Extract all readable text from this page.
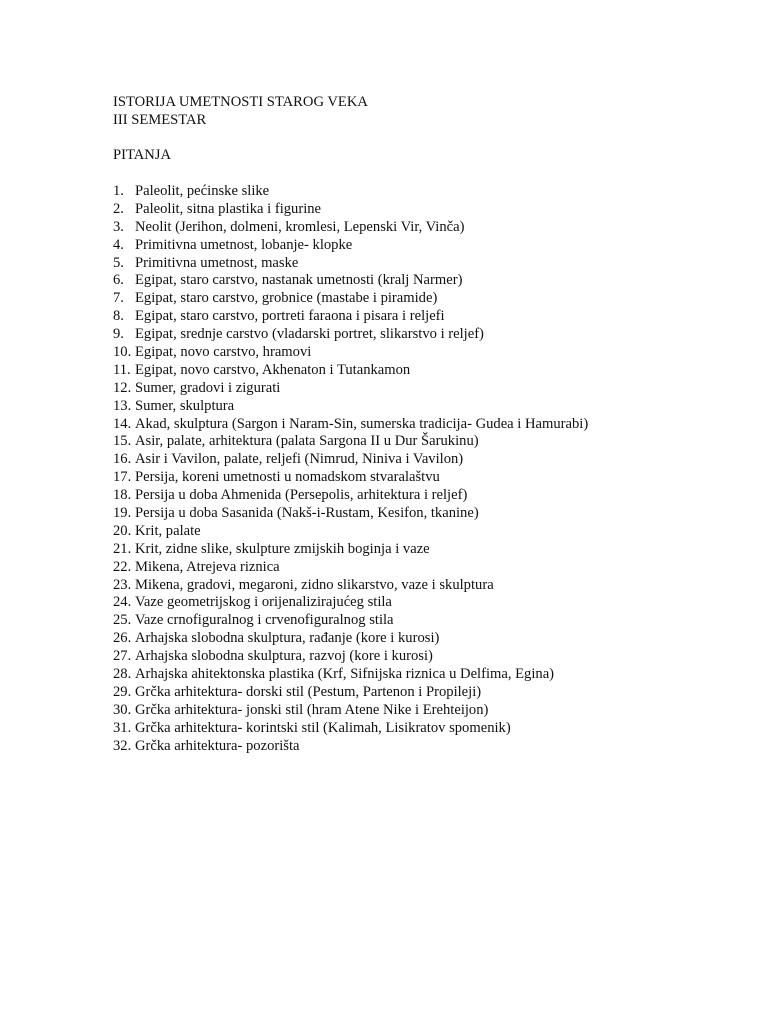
ISTORIJA UMETNOSTI STAROG VEKA
III SEMESTAR
PITANJA
1. Paleolit, pećinske slike
2. Paleolit, sitna plastika i figurine
3. Neolit (Jerihon, dolmeni, kromlesi, Lepenski Vir, Vinča)
4. Primitivna umetnost, lobanje- klopke
5. Primitivna umetnost, maske
6. Egipat, staro carstvo, nastanak umetnosti (kralj Narmer)
7. Egipat, staro carstvo, grobnice (mastabe i piramide)
8. Egipat, staro carstvo, portreti faraona i pisara i reljefi
9. Egipat, srednje carstvo (vladarski portret, slikarstvo i reljef)
10. Egipat, novo carstvo, hramovi
11. Egipat, novo carstvo, Akhenaton i Tutankamon
12. Sumer, gradovi i zigurati
13. Sumer, skulptura
14. Akad, skulptura (Sargon i Naram-Sin, sumerska tradicija- Gudea i Hamurabi)
15. Asir, palate, arhitektura (palata Sargona II u Dur Šarukinu)
16. Asir i Vavilon, palate, reljefi (Nimrud, Niniva i Vavilon)
17. Persija, koreni umetnosti u nomadskom stvaralaštvu
18. Persija u doba Ahmenida (Persepolis, arhitektura i reljef)
19. Persija u doba Sasanida (Nakš-i-Rustam, Kesifon, tkanine)
20. Krit, palate
21. Krit, zidne slike, skulpture zmijskih boginja i vaze
22. Mikena, Atrejeva riznica
23. Mikena, gradovi, megaroni, zidno slikarstvo, vaze i skulptura
24. Vaze geometrijskog i orijenalizirajućeg stila
25. Vaze crnofiguralnog i crvenofiguralnog stila
26. Arhajska slobodna skulptura, rađanje (kore i kurosi)
27. Arhajska slobodna skulptura, razvoj (kore i kurosi)
28. Arhajska ahitektonska plastika (Krf, Sifnijska riznica u Delfima, Egina)
29. Grčka arhitektura- dorski stil (Pestum, Partenon i Propileji)
30. Grčka arhitektura- jonski stil (hram Atene Nike i Erehteijon)
31. Grčka arhitektura- korintski stil (Kalimah, Lisikratov spomenik)
32. Grčka arhitektura- pozorišta
